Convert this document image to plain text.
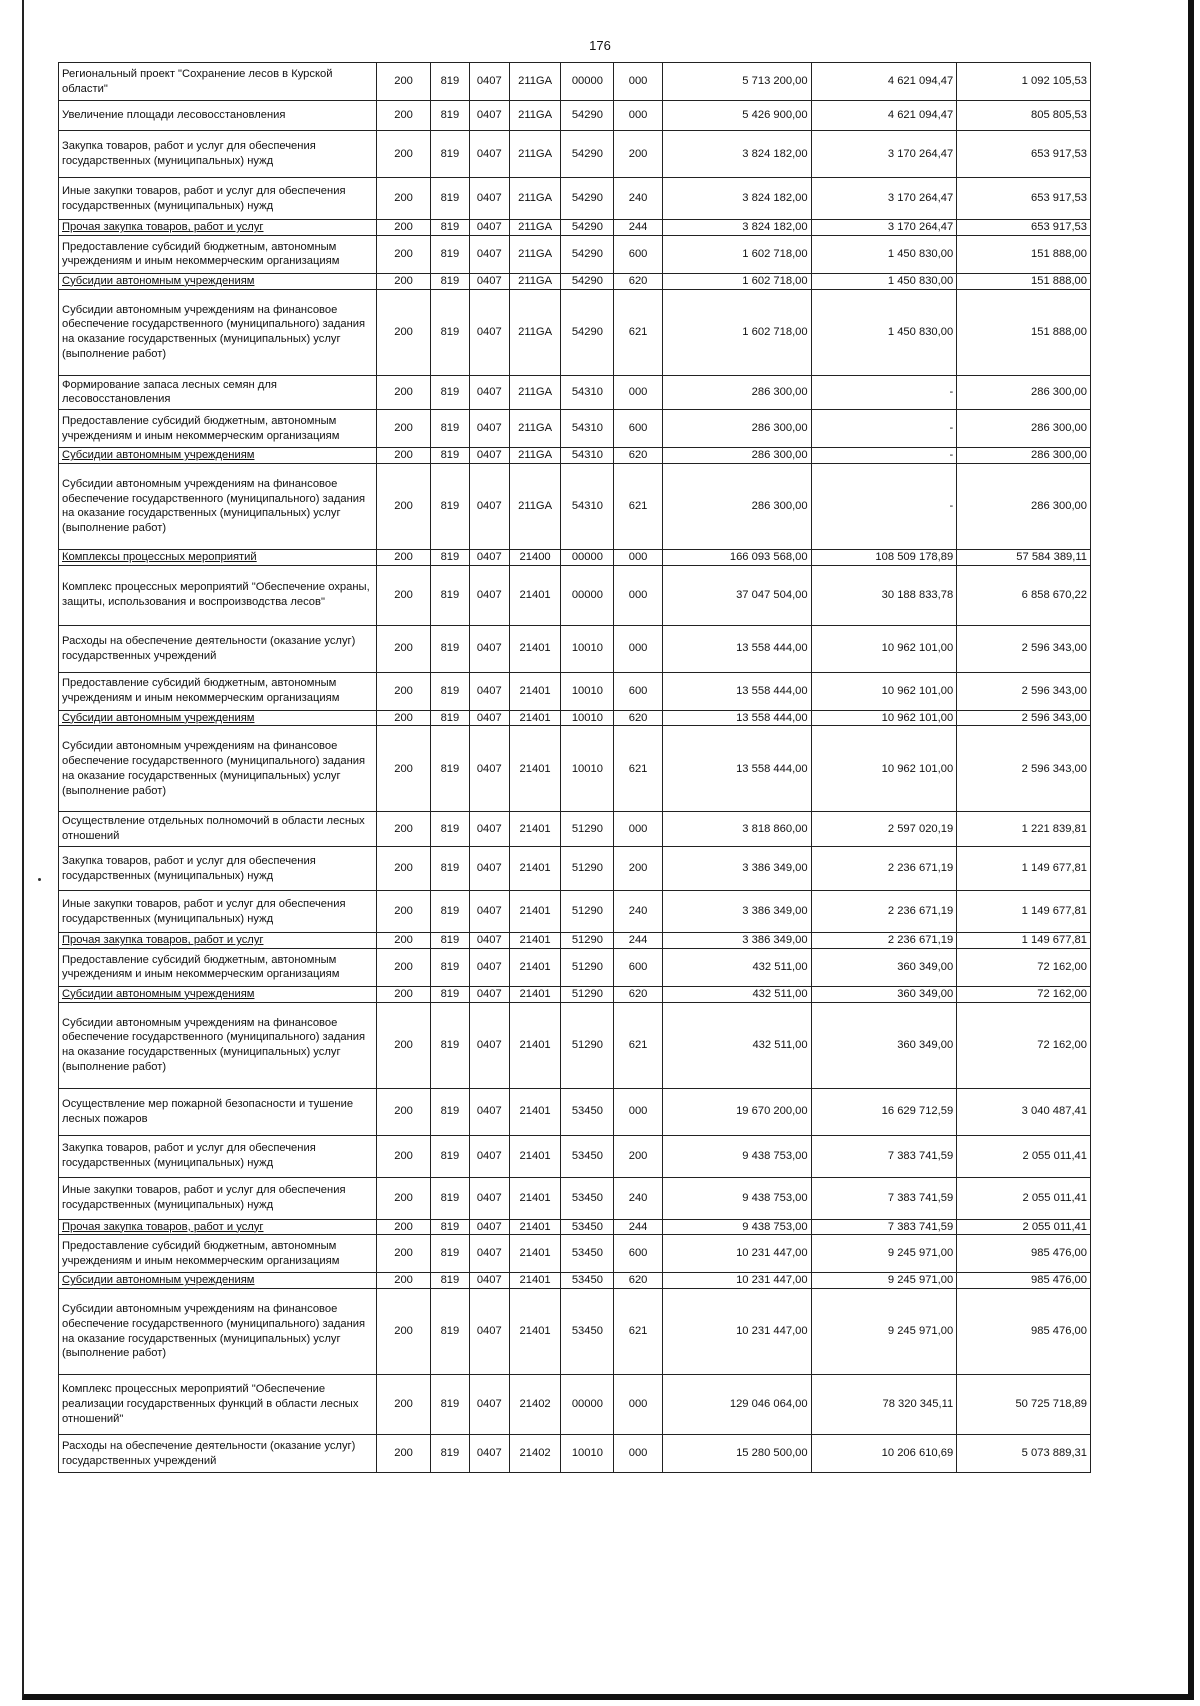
176
Региональный проект "Сохранение лесов в Курской области"	200	819	0407	211GA	00000	000	5 713 200,00	4 621 094,47	1 092 105,53
Увеличение площади лесовосстановления	200	819	0407	211GA	54290	000	5 426 900,00	4 621 094,47	805 805,53
Закупка товаров, работ и услуг для обеспечения государственных (муниципальных) нужд	200	819	0407	211GA	54290	200	3 824 182,00	3 170 264,47	653 917,53
Иные закупки товаров, работ и услуг для обеспечения государственных (муниципальных) нужд	200	819	0407	211GA	54290	240	3 824 182,00	3 170 264,47	653 917,53
Прочая закупка товаров, работ и услуг	200	819	0407	211GA	54290	244	3 824 182,00	3 170 264,47	653 917,53
Предоставление субсидий бюджетным, автономным учреждениям и иным некоммерческим организациям	200	819	0407	211GA	54290	600	1 602 718,00	1 450 830,00	151 888,00
Субсидии автономным учреждениям	200	819	0407	211GA	54290	620	1 602 718,00	1 450 830,00	151 888,00
Субсидии автономным учреждениям на финансовое обеспечение государственного (муниципального) задания на оказание государственных (муниципальных) услуг (выполнение работ)	200	819	0407	211GA	54290	621	1 602 718,00	1 450 830,00	151 888,00
Формирование запаса лесных семян для лесовосстановления	200	819	0407	211GA	54310	000	286 300,00	-	286 300,00
Предоставление субсидий бюджетным, автономным учреждениям и иным некоммерческим организациям	200	819	0407	211GA	54310	600	286 300,00	-	286 300,00
Субсидии автономным учреждениям	200	819	0407	211GA	54310	620	286 300,00	-	286 300,00
Субсидии автономным учреждениям на финансовое обеспечение государственного (муниципального) задания на оказание государственных (муниципальных) услуг (выполнение работ)	200	819	0407	211GA	54310	621	286 300,00	-	286 300,00
Комплексы процессных мероприятий	200	819	0407	21400	00000	000	166 093 568,00	108 509 178,89	57 584 389,11
Комплекс процессных мероприятий "Обеспечение охраны, защиты, использования и воспроизводства лесов"	200	819	0407	21401	00000	000	37 047 504,00	30 188 833,78	6 858 670,22
Расходы на обеспечение деятельности (оказание услуг) государственных учреждений	200	819	0407	21401	10010	000	13 558 444,00	10 962 101,00	2 596 343,00
Предоставление субсидий бюджетным, автономным учреждениям и иным некоммерческим организациям	200	819	0407	21401	10010	600	13 558 444,00	10 962 101,00	2 596 343,00
Субсидии автономным учреждениям	200	819	0407	21401	10010	620	13 558 444,00	10 962 101,00	2 596 343,00
Субсидии автономным учреждениям на финансовое обеспечение государственного (муниципального) задания на оказание государственных (муниципальных) услуг (выполнение работ)	200	819	0407	21401	10010	621	13 558 444,00	10 962 101,00	2 596 343,00
Осуществление отдельных полномочий в области лесных отношений	200	819	0407	21401	51290	000	3 818 860,00	2 597 020,19	1 221 839,81
Закупка товаров, работ и услуг для обеспечения государственных (муниципальных) нужд	200	819	0407	21401	51290	200	3 386 349,00	2 236 671,19	1 149 677,81
Иные закупки товаров, работ и услуг для обеспечения государственных (муниципальных) нужд	200	819	0407	21401	51290	240	3 386 349,00	2 236 671,19	1 149 677,81
Прочая закупка товаров, работ и услуг	200	819	0407	21401	51290	244	3 386 349,00	2 236 671,19	1 149 677,81
Предоставление субсидий бюджетным, автономным учреждениям и иным некоммерческим организациям	200	819	0407	21401	51290	600	432 511,00	360 349,00	72 162,00
Субсидии автономным учреждениям	200	819	0407	21401	51290	620	432 511,00	360 349,00	72 162,00
Субсидии автономным учреждениям на финансовое обеспечение государственного (муниципального) задания на оказание государственных (муниципальных) услуг (выполнение работ)	200	819	0407	21401	51290	621	432 511,00	360 349,00	72 162,00
Осуществление мер пожарной безопасности и тушение лесных пожаров	200	819	0407	21401	53450	000	19 670 200,00	16 629 712,59	3 040 487,41
Закупка товаров, работ и услуг для обеспечения государственных (муниципальных) нужд	200	819	0407	21401	53450	200	9 438 753,00	7 383 741,59	2 055 011,41
Иные закупки товаров, работ и услуг для обеспечения государственных (муниципальных) нужд	200	819	0407	21401	53450	240	9 438 753,00	7 383 741,59	2 055 011,41
Прочая закупка товаров, работ и услуг	200	819	0407	21401	53450	244	9 438 753,00	7 383 741,59	2 055 011,41
Предоставление субсидий бюджетным, автономным учреждениям и иным некоммерческим организациям	200	819	0407	21401	53450	600	10 231 447,00	9 245 971,00	985 476,00
Субсидии автономным учреждениям	200	819	0407	21401	53450	620	10 231 447,00	9 245 971,00	985 476,00
Субсидии автономным учреждениям на финансовое обеспечение государственного (муниципального) задания на оказание государственных (муниципальных) услуг (выполнение работ)	200	819	0407	21401	53450	621	10 231 447,00	9 245 971,00	985 476,00
Комплекс процессных мероприятий "Обеспечение реализации государственных функций в области лесных отношений"	200	819	0407	21402	00000	000	129 046 064,00	78 320 345,11	50 725 718,89
Расходы на обеспечение деятельности (оказание услуг) государственных учреждений	200	819	0407	21402	10010	000	15 280 500,00	10 206 610,69	5 073 889,31
